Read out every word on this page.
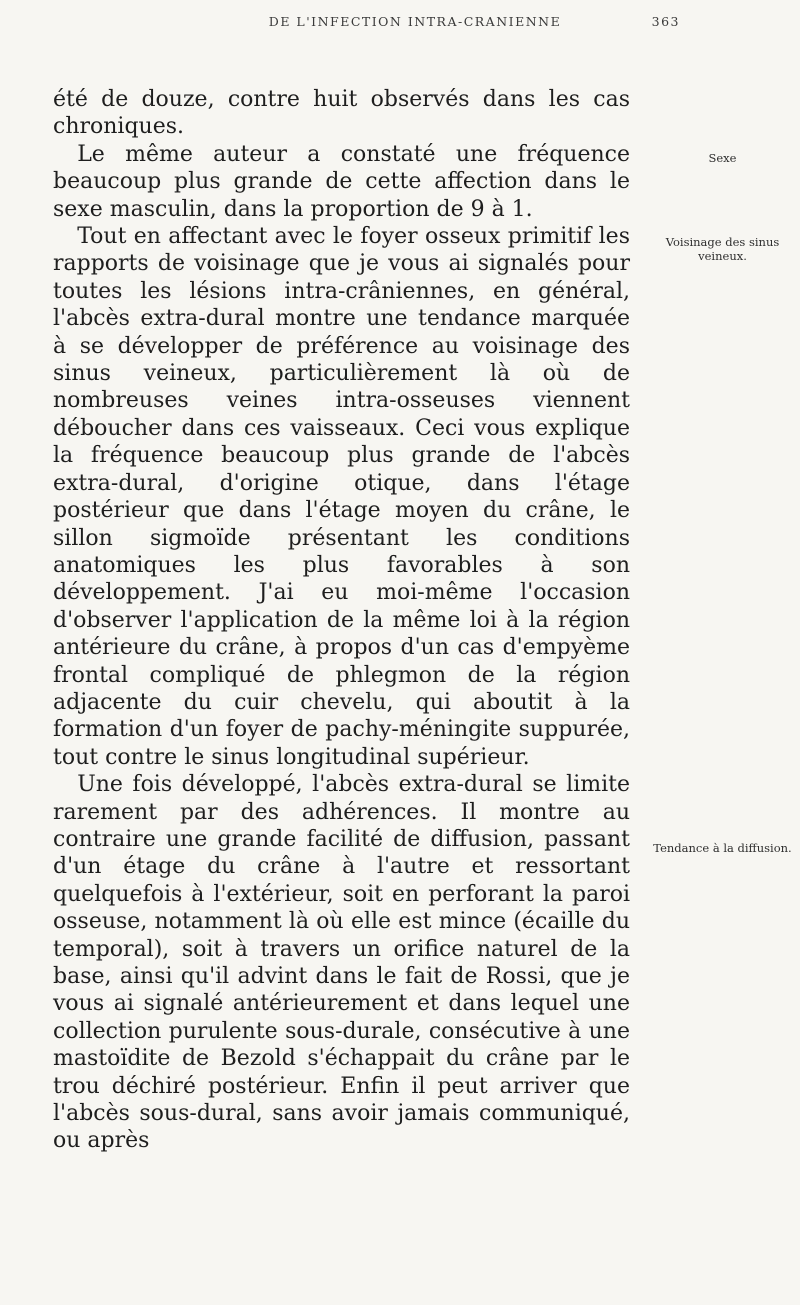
DE L'INFECTION INTRA-CRANIENNE	363

été de douze, contre huit observés dans les cas chroniques.

Le même auteur a constaté une fréquence beaucoup plus grande de cette affection dans le sexe masculin, dans la proportion de 9 à 1.

Tout en affectant avec le foyer osseux primitif les rapports de voisinage que je vous ai signalés pour toutes les lésions intra-crâniennes, en général, l'abcès extra-dural montre une tendance marquée à se développer de préférence au voisinage des sinus veineux, particulièrement là où de nombreuses veines intra-osseuses viennent déboucher dans ces vaisseaux. Ceci vous explique la fréquence beaucoup plus grande de l'abcès extra-dural, d'origine otique, dans l'étage postérieur que dans l'étage moyen du crâne, le sillon sigmoïde présentant les conditions anatomiques les plus favorables à son développement. J'ai eu moi-même l'occasion d'observer l'application de la même loi à la région antérieure du crâne, à propos d'un cas d'empyème frontal compliqué de phlegmon de la région adjacente du cuir chevelu, qui aboutit à la formation d'un foyer de pachy-méningite suppurée, tout contre le sinus longitudinal supérieur.

Une fois développé, l'abcès extra-dural se limite rarement par des adhérences. Il montre au contraire une grande facilité de diffusion, passant d'un étage du crâne à l'autre et ressortant quelquefois à l'extérieur, soit en perforant la paroi osseuse, notamment là où elle est mince (écaille du temporal), soit à travers un orifice naturel de la base, ainsi qu'il advint dans le fait de Rossi, que je vous ai signalé antérieurement et dans lequel une collection purulente sous-durale, consécutive à une mastoïdite de Bezold s'échappait du crâne par le trou déchiré postérieur. Enfin il peut arriver que l'abcès sous-dural, sans avoir jamais communiqué, ou après

Sexe
Voisinage des sinus veineux.
Tendance à la diffusion.
